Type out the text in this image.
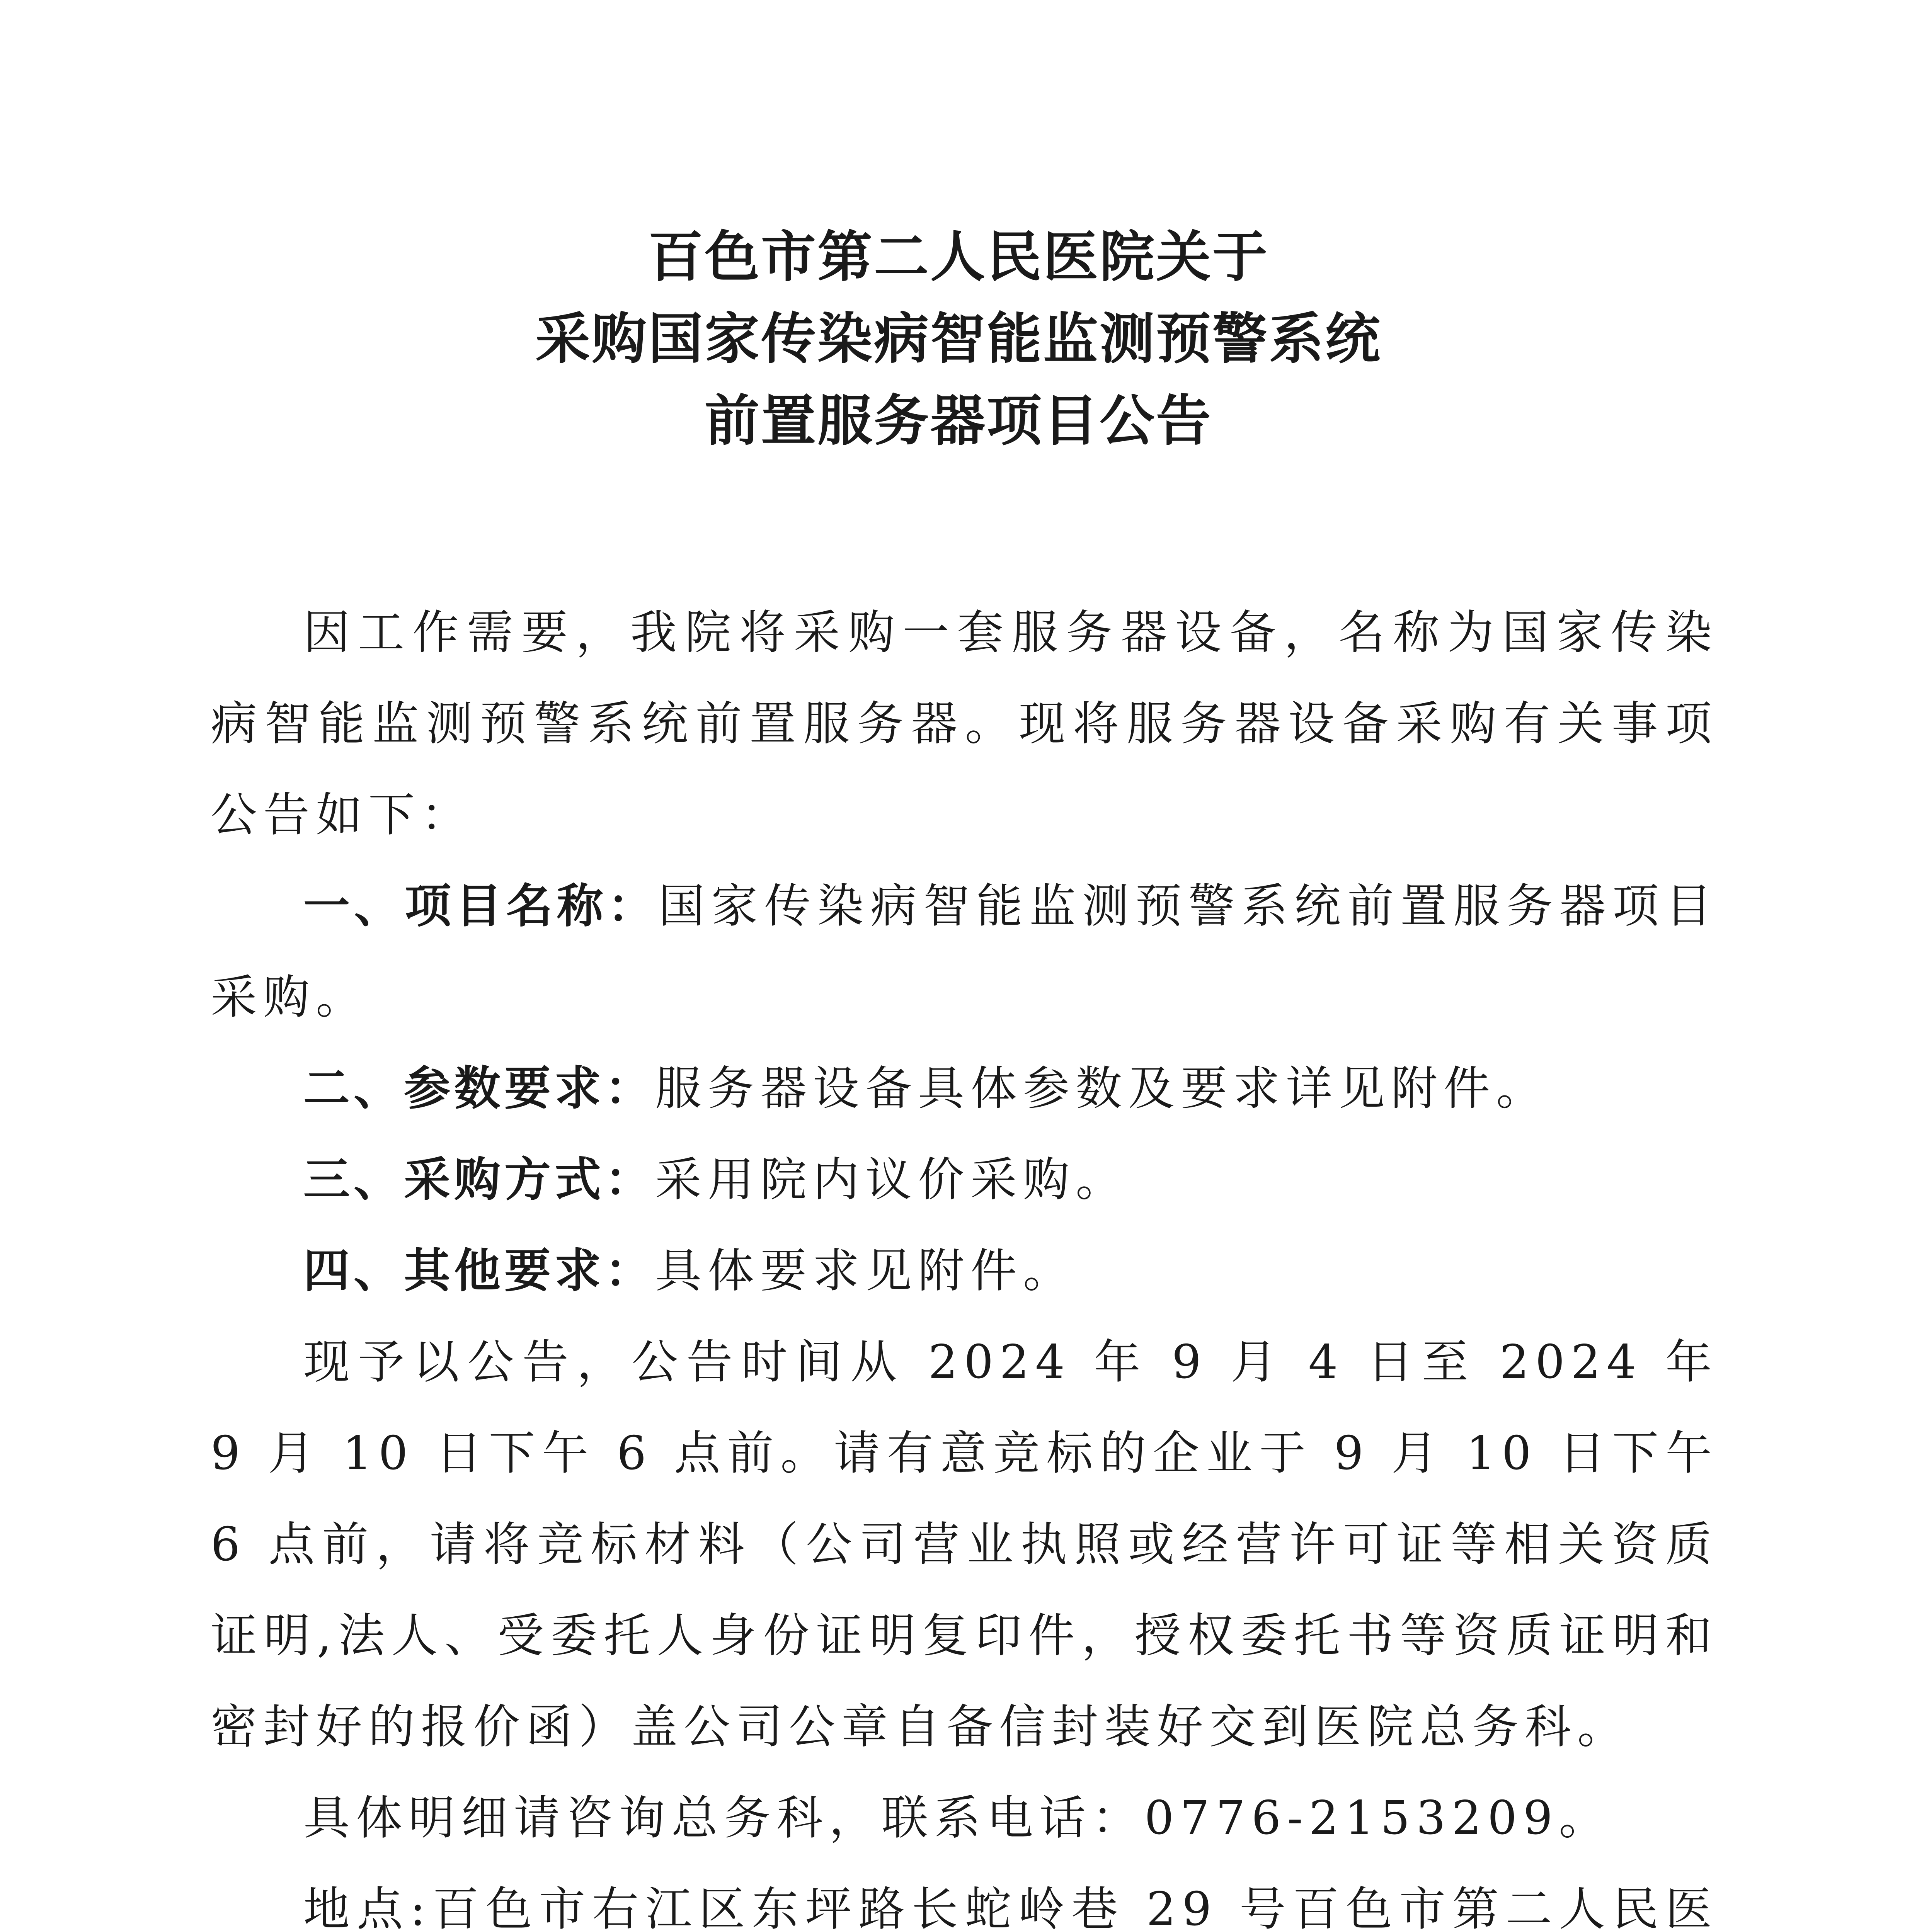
百色市第二人民医院关于
采购国家传染病智能监测预警系统
前置服务器项目公告

因工作需要，我院将采购一套服务器设备，名称为国家传染病智能监测预警系统前置服务器。现将服务器设备采购有关事项公告如下：

一、项目名称：国家传染病智能监测预警系统前置服务器项目采购。

二、参数要求：服务器设备具体参数及要求详见附件。

三、采购方式：采用院内议价采购。

四、其他要求：具体要求见附件。

现予以公告，公告时间从 2024 年 9 月 4 日至 2024 年 9 月 10 日下午 6 点前。请有意竞标的企业于 9 月 10 日下午 6 点前，请将竞标材料（公司营业执照或经营许可证等相关资质证明,法人、受委托人身份证明复印件，授权委托书等资质证明和密封好的报价函）盖公司公章自备信封装好交到医院总务科。

具体明细请咨询总务科，联系电话：0776-2153209。

地点:百色市右江区东坪路长蛇岭巷 29 号百色市第二人民医
